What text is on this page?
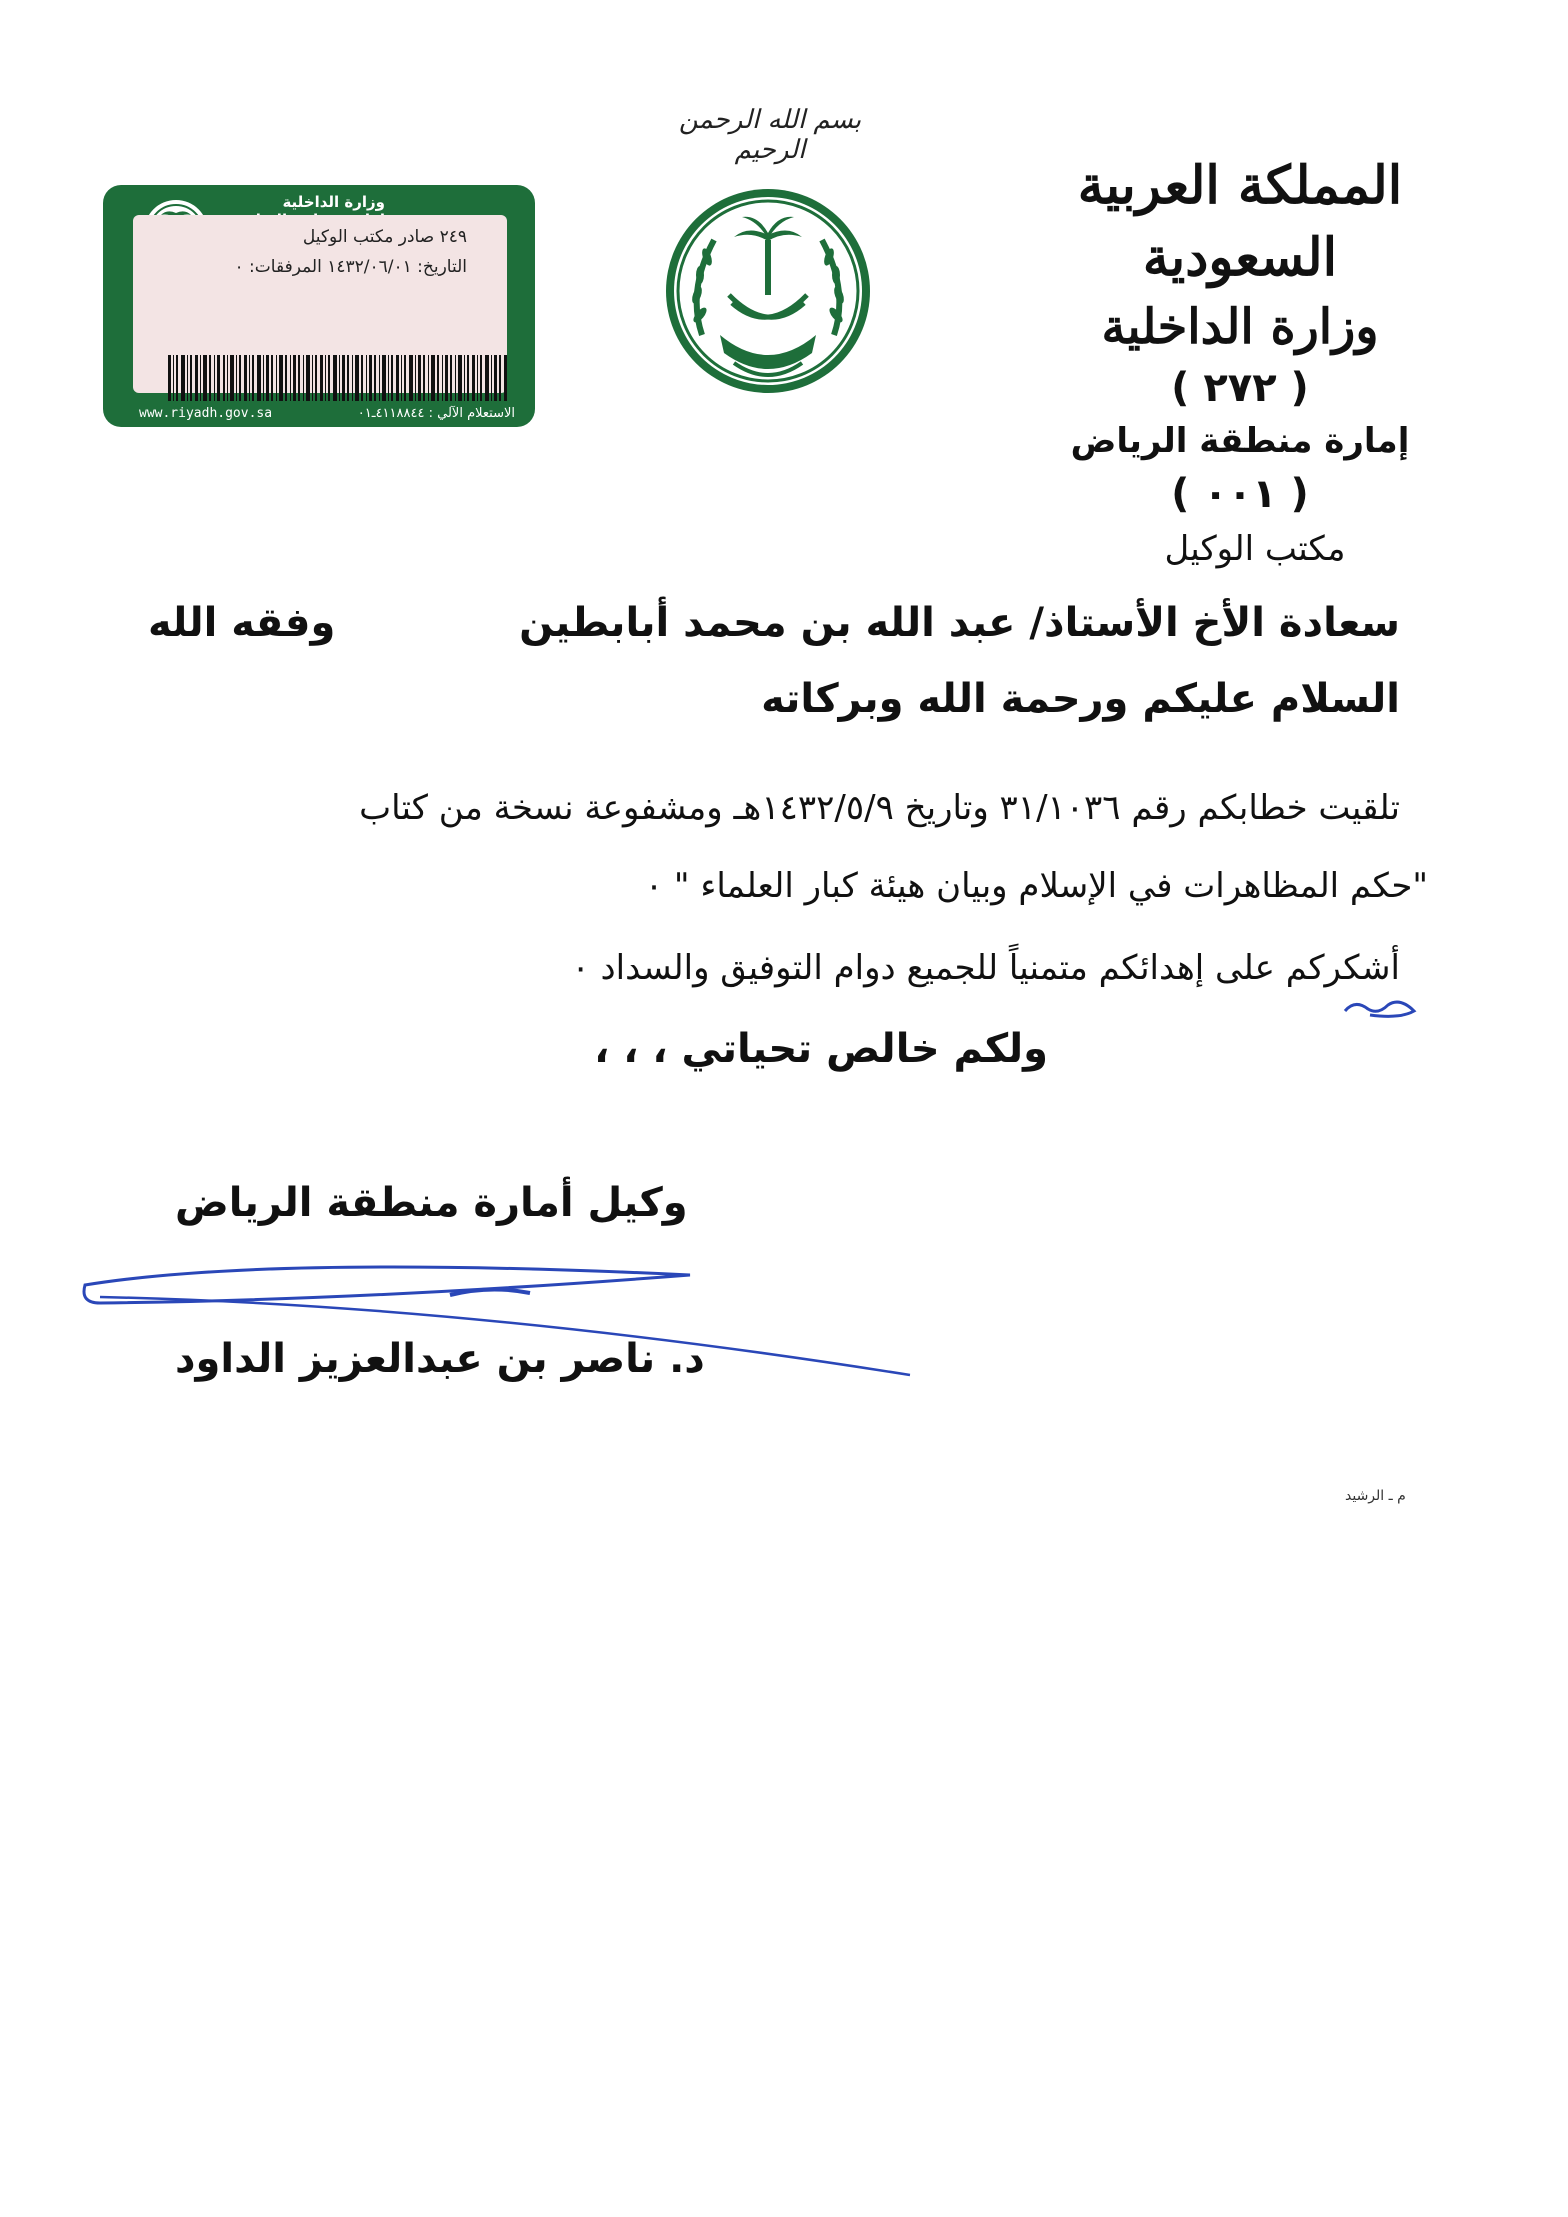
المملكة العربية السعودية
وزارة الداخلية
( ٢٧٢ )
إمارة منطقة الرياض
( ٠٠١ )
مكتب الوكيل
بسم الله الرحمن الرحيم
وزارة الداخلية
٢٤٩ صادر مكتب الوكيل
التاريخ: ١٤٣٢/٠٦/٠١ المرفقات: ٠
www.riyadh.gov.sa	الاستعلام الآلي : ٤١١٨٨٤٤ـ٠١
سعادة الأخ الأستاذ/ عبد الله بن محمد أبابطين
وفقه الله
السلام عليكم ورحمة الله وبركاته
تلقيت خطابكم رقم ٣١/١٠٣٦ وتاريخ ١٤٣٢/٥/٩هـ ومشفوعة نسخة من كتاب
"حكم المظاهرات في الإسلام وبيان هيئة كبار العلماء " ٠
أشكركم على إهدائكم متمنياً للجميع دوام التوفيق والسداد ٠
ولكم خالص تحياتي ، ، ،
وكيل أمارة منطقة الرياض
د. ناصر بن عبدالعزيز الداود
م ـ الرشيد
